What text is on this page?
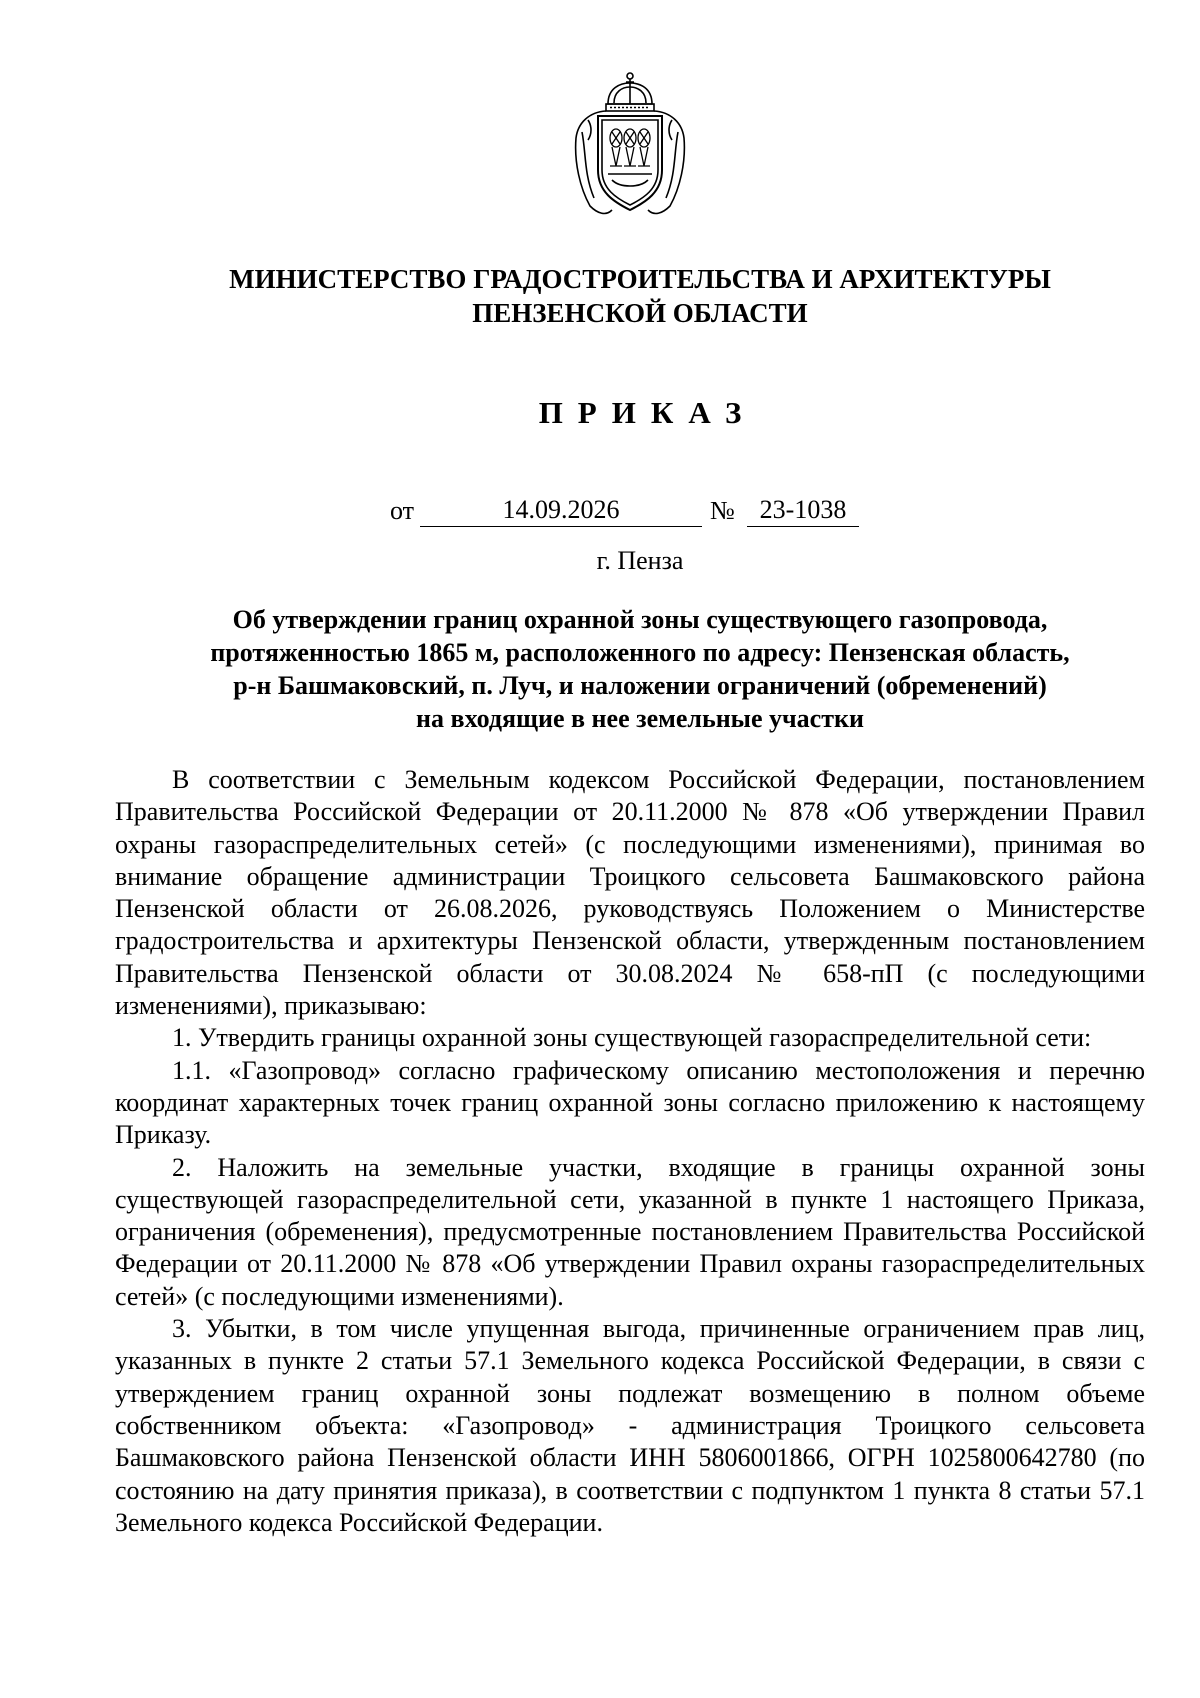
МИНИСТЕРСТВО ГРАДОСТРОИТЕЛЬСТВА И АРХИТЕКТУРЫ
ПЕНЗЕНСКОЙ ОБЛАСТИ
ПРИКАЗ
от	14.09.2026	№ 23-1038
г. Пенза
Об утверждении границ охранной зоны существующего газопровода,
протяженностью 1865 м, расположенного по адресу: Пензенская область,
р-н Башмаковский, п. Луч, и наложении ограничений (обременений)
на входящие в нее земельные участки

В соответствии с Земельным кодексом Российской Федерации, постановлением Правительства Российской Федерации от 20.11.2000 № 878 «Об утверждении Правил охраны газораспределительных сетей» (с последующими изменениями), принимая во внимание обращение администрации Троицкого сельсовета Башмаковского района Пензенской области от 26.08.2026, руководствуясь Положением о Министерстве градостроительства и архитектуры Пензенской области, утвержденным постановлением Правительства Пензенской области от 30.08.2024 № 658-пП (с последующими изменениями), приказываю:

1. Утвердить границы охранной зоны существующей газораспределительной сети:

1.1. «Газопровод» согласно графическому описанию местоположения и перечню координат характерных точек границ охранной зоны согласно приложению к настоящему Приказу.

2. Наложить на земельные участки, входящие в границы охранной зоны существующей газораспределительной сети, указанной в пункте 1 настоящего Приказа, ограничения (обременения), предусмотренные постановлением Правительства Российской Федерации от 20.11.2000 № 878 «Об утверждении Правил охраны газораспределительных сетей» (с последующими изменениями).

3. Убытки, в том числе упущенная выгода, причиненные ограничением прав лиц, указанных в пункте 2 статьи 57.1 Земельного кодекса Российской Федерации, в связи с утверждением границ охранной зоны подлежат возмещению в полном объеме собственником объекта: «Газопровод» - администрация Троицкого сельсовета Башмаковского района Пензенской области ИНН 5806001866, ОГРН 1025800642780 (по состоянию на дату принятия приказа), в соответствии с подпунктом 1 пункта 8 статьи 57.1 Земельного кодекса Российской Федерации.
